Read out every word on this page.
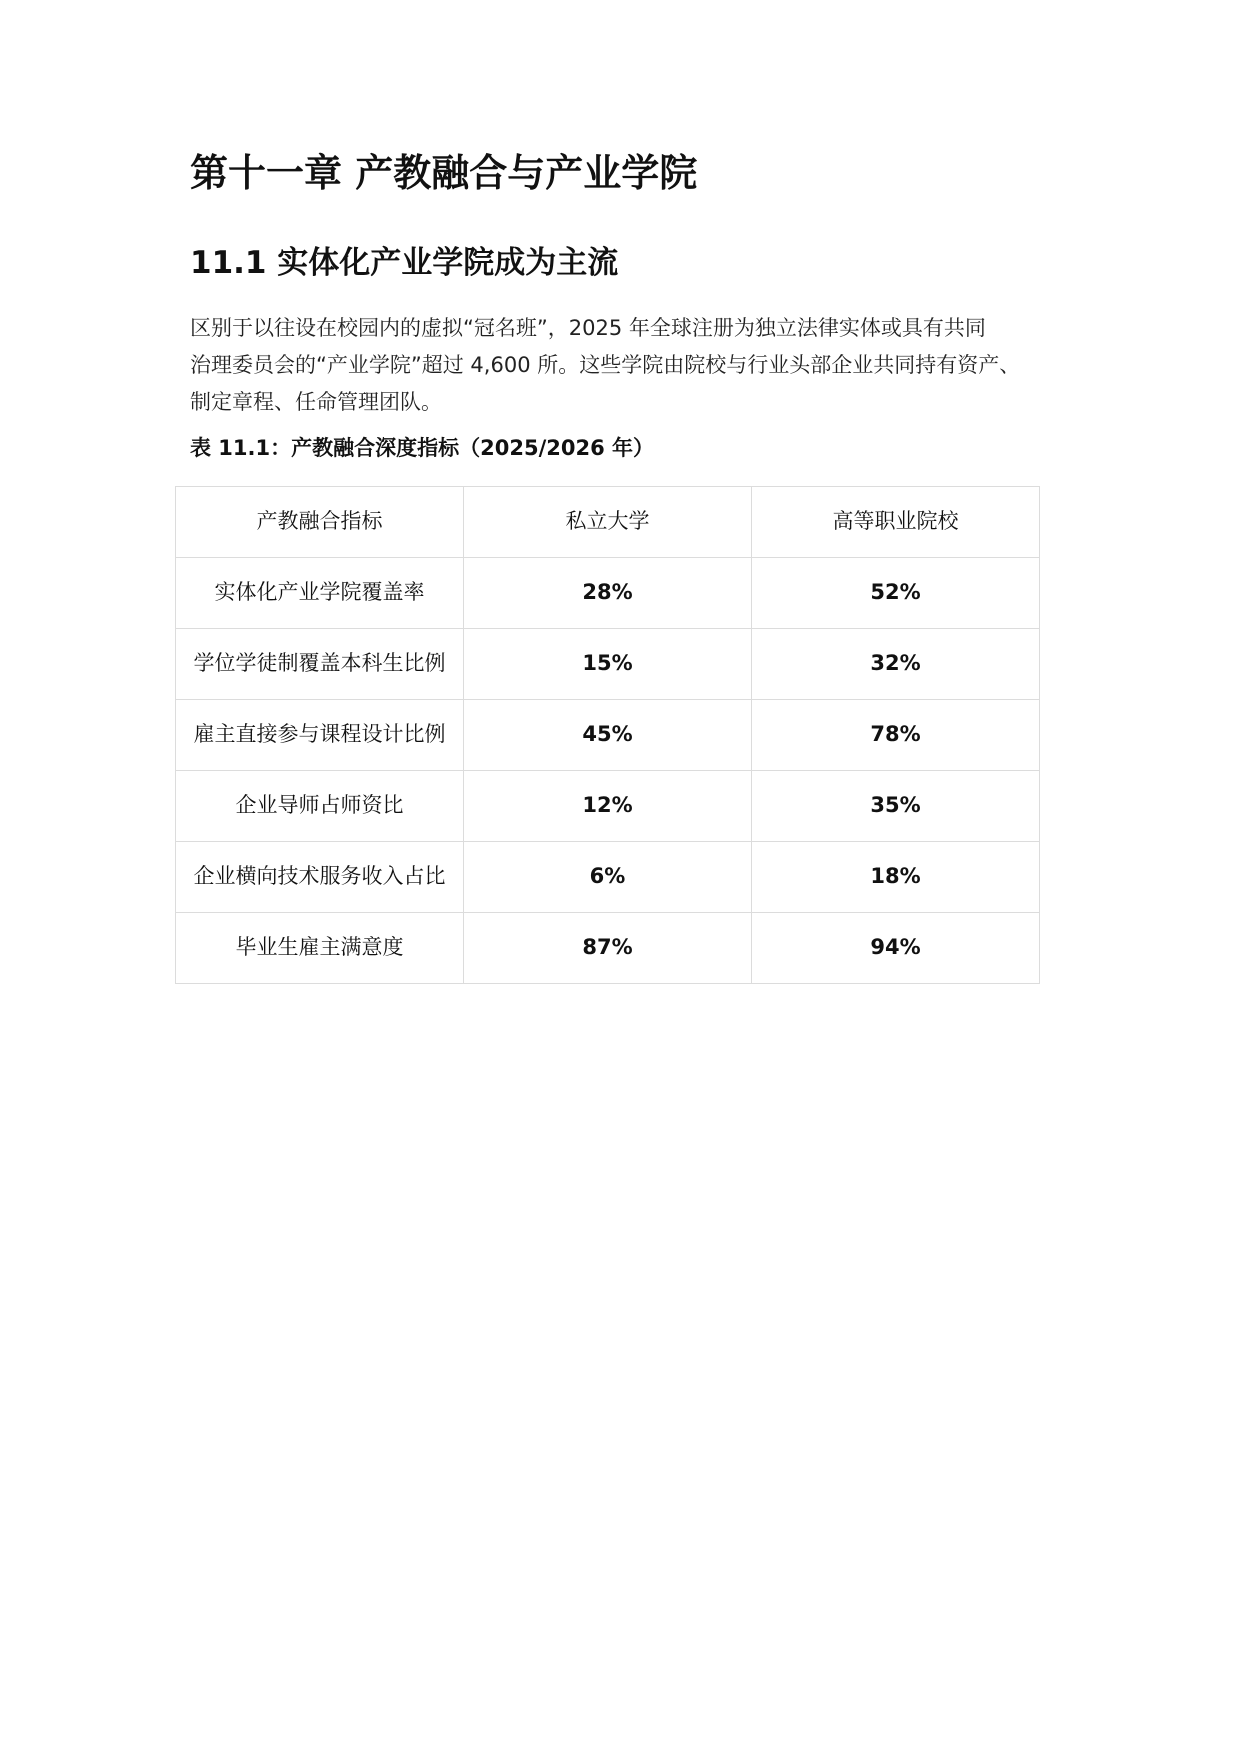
第十一章 产教融合与产业学院
11.1 实体化产业学院成为主流

区别于以往设在校园内的虚拟“冠名班”，2025 年全球注册为独立法律实体或具有共同
治理委员会的“产业学院”超过 4,600 所。这些学院由院校与行业头部企业共同持有资产、
制定章程、任命管理团队。

表 11.1：产教融合深度指标（2025/2026 年）

产教融合指标	私立大学	高等职业院校
实体化产业学院覆盖率	28%	52%
学位学徒制覆盖本科生比例	15%	32%
雇主直接参与课程设计比例	45%	78%
企业导师占师资比	12%	35%
企业横向技术服务收入占比	6%	18%
毕业生雇主满意度	87%	94%
